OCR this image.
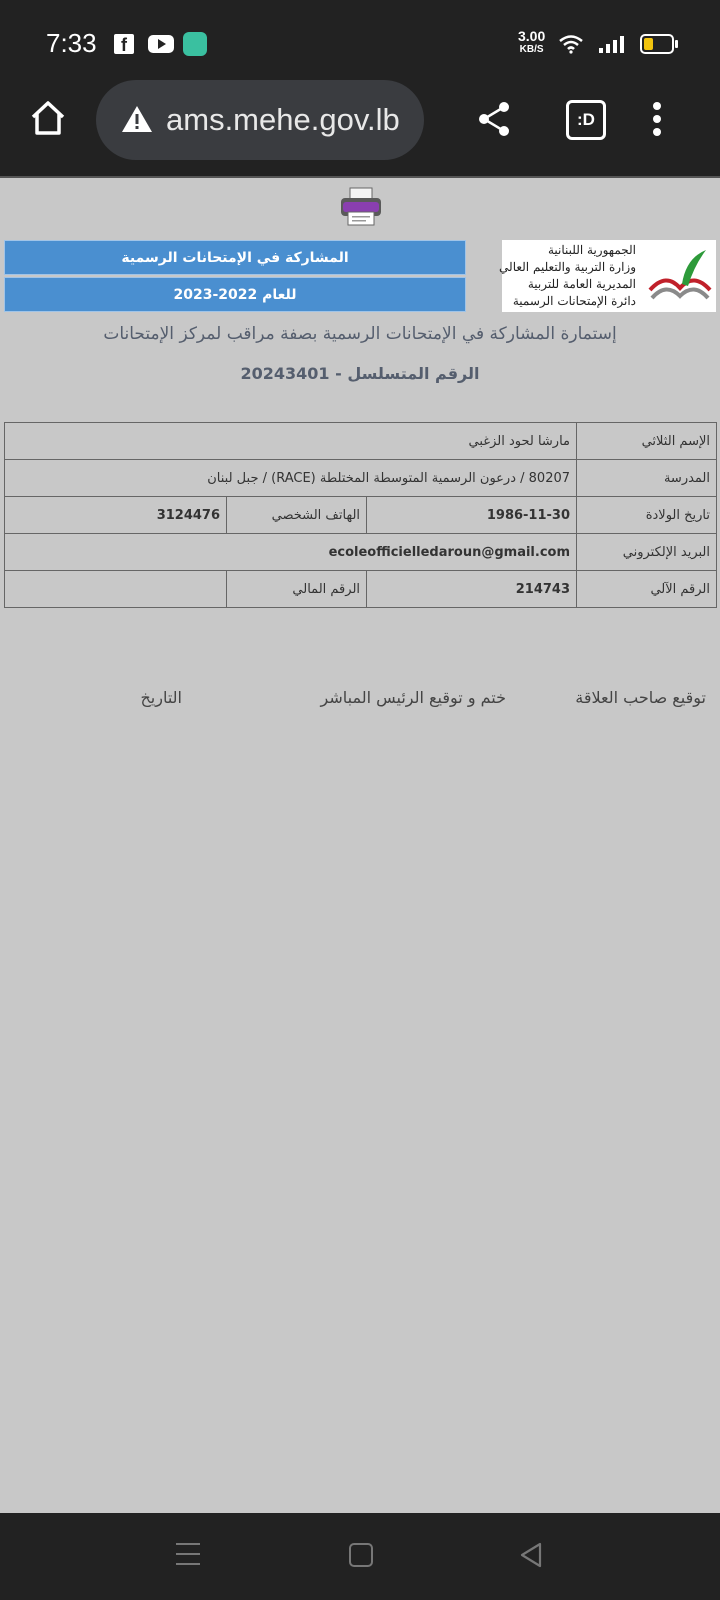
7:33	f	3.00
KB/S
ams.mehe.gov.lb	:D
المشاركة في الإمتحانات الرسمية
للعام 2022-2023
الجمهورية اللبنانية
وزارة التربية والتعليم العالي
المديرية العامة للتربية
دائرة الإمتحانات الرسمية
إستمارة المشاركة في الإمتحانات الرسمية بصفة مراقب لمركز الإمتحانات
الرقم المتسلسل - 20243401
الإسم الثلاثي	مارشا لحود الزغبي		
المدرسة	80207 / درعون الرسمية المتوسطة المختلطة (RACE) / جبل لبنان		
تاريخ الولادة	1986-11-30	الهاتف الشخصي	3124476
البريد الإلكتروني	ecoleofficielledaroun@gmail.com		
الرقم الآلي	214743	الرقم المالي	
توقيع صاحب العلاقة
ختم و توقيع الرئيس المباشر
التاريخ
